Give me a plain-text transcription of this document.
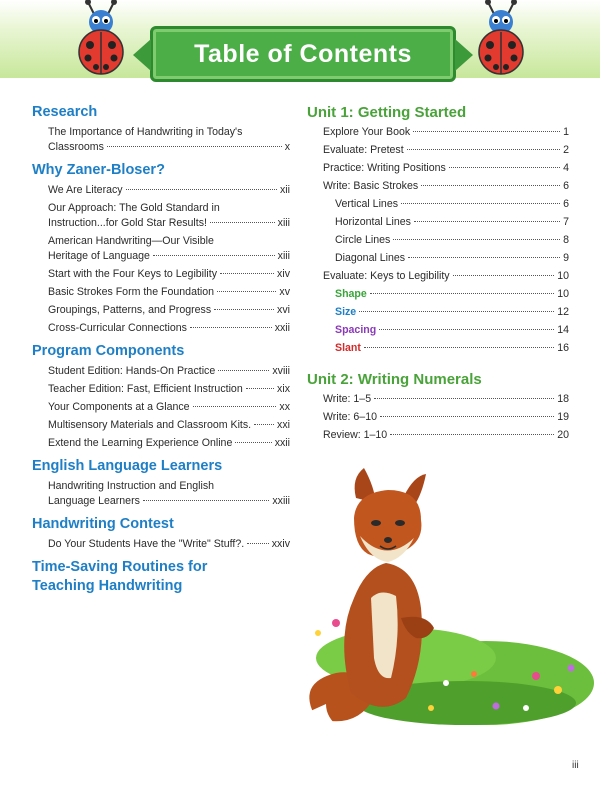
Table of Contents
Research
The Importance of Handwriting in Today's
Classrooms	x
Why Zaner-Bloser?
We Are Literacy	xii
Our Approach: The Gold Standard in
Instruction...for Gold Star Results!	xiii
American Handwriting—Our Visible
Heritage of Language	xiii
Start with the Four Keys to Legibility	xiv
Basic Strokes Form the Foundation	xv
Groupings, Patterns, and Progress	xvi
Cross-Curricular Connections	xxii
Program Components
Student Edition: Hands-On Practice	xviii
Teacher Edition: Fast, Efficient Instruction	xix
Your Components at a Glance	xx
Multisensory Materials and Classroom Kits. xxi
Extend the Learning Experience Online	xxii
English Language Learners
Handwriting Instruction and English
Language Learners	xxiii
Handwriting Contest
Do Your Students Have the "Write" Stuff?.	xxiv
Time-Saving Routines for
Teaching Handwriting
Unit 1: Getting Started
Explore Your Book	1
Evaluate: Pretest	2
Practice: Writing Positions	4
Write: Basic Strokes	6
Vertical Lines	6
Horizontal Lines	7
Circle Lines	8
Diagonal Lines	9
Evaluate: Keys to Legibility	10
Shape	10
Size	12
Spacing	14
Slant	16
Unit 2: Writing Numerals
Write: 1–5	18
Write: 6–10	19
Review: 1–10	20
iii
